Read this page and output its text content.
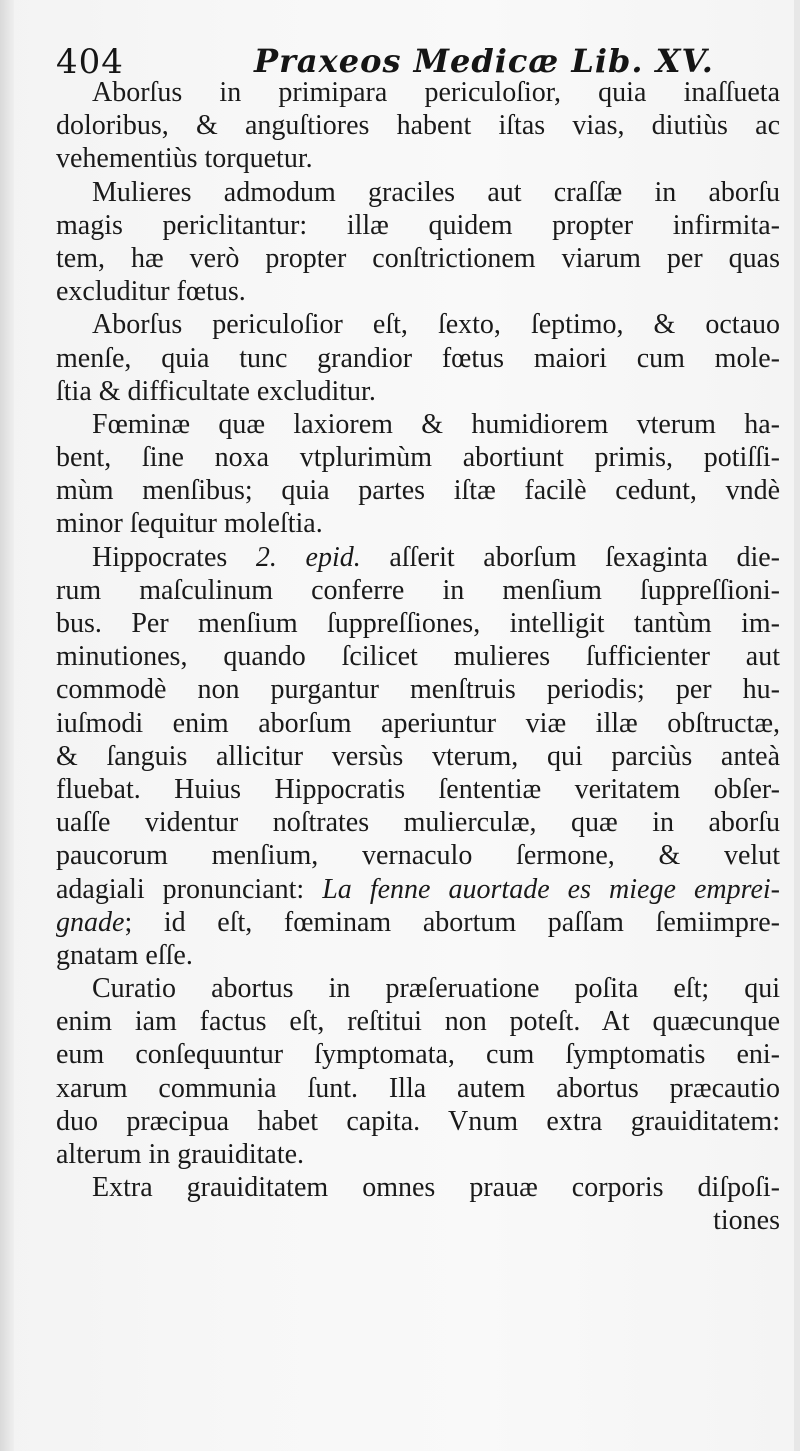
404	Praxeos Medicæ Lib. XV.
Aborſus in primipara periculoſior, quia inaſſueta
doloribus, & anguſtiores habent iſtas vias, diutiùs ac
vehementiùs torquetur.
Mulieres admodum graciles aut craſſæ in aborſu
magis periclitantur: illæ quidem propter infirmita-
tem, hæ verò propter conſtrictionem viarum per quas
excluditur fœtus.
Aborſus periculoſior eſt, ſexto, ſeptimo, & octauo
menſe, quia tunc grandior fœtus maiori cum mole-
ſtia & difficultate excluditur.
Fœminæ quæ laxiorem & humidiorem vterum ha-
bent, ſine noxa vtplurimùm abortiunt primis, potiſſi-
mùm menſibus; quia partes iſtæ facilè cedunt, vndè
minor ſequitur moleſtia.
Hippocrates 2. epid. aſſerit aborſum ſexaginta die-
rum maſculinum conferre in menſium ſuppreſſioni-
bus. Per menſium ſuppreſſiones, intelligit tantùm im-
minutiones, quando ſcilicet mulieres ſufficienter aut
commodè non purgantur menſtruis periodis; per hu-
iuſmodi enim aborſum aperiuntur viæ illæ obſtructæ,
& ſanguis allicitur versùs vterum, qui parciùs anteà
fluebat. Huius Hippocratis ſententiæ veritatem obſer-
uaſſe videntur noſtrates mulierculæ, quæ in aborſu
paucorum menſium, vernaculo ſermone, & velut
adagiali pronunciant: La fenne auortade es miege emprei-
gnade; id eſt, fœminam abortum paſſam ſemiimpre-
gnatam eſſe.
Curatio abortus in præſeruatione poſita eſt; qui
enim iam factus eſt, reſtitui non poteſt. At quæcunque
eum conſequuntur ſymptomata, cum ſymptomatis eni-
xarum communia ſunt. Illa autem abortus præcautio
duo præcipua habet capita. Vnum extra grauiditatem:
alterum in grauiditate.
Extra grauiditatem omnes prauæ corporis diſpoſi-
tiones
